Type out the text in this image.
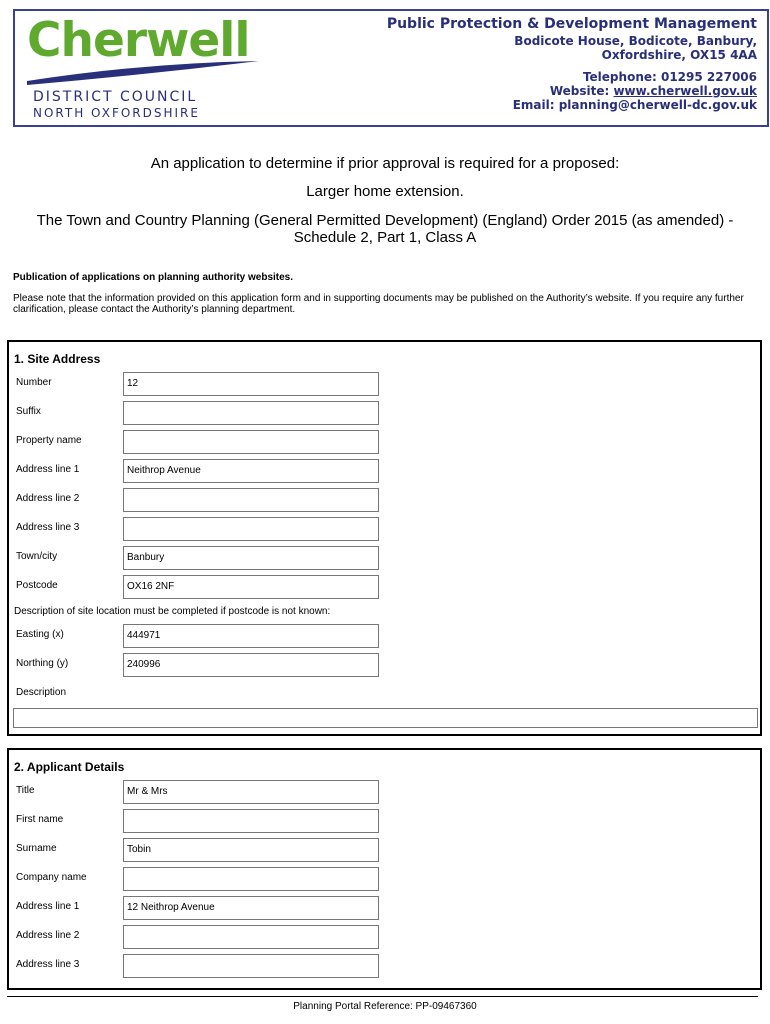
Cherwell
DISTRICT COUNCIL
NORTH OXFORDSHIRE
Public Protection & Development Management
Bodicote House, Bodicote, Banbury,
Oxfordshire, OX15 4AA
Telephone: 01295 227006
Website: www.cherwell.gov.uk
Email: planning@cherwell-dc.gov.uk
An application to determine if prior approval is required for a proposed:
Larger home extension.
The Town and Country Planning (General Permitted Development) (England) Order 2015 (as amended) - Schedule 2, Part 1, Class A
Publication of applications on planning authority websites.
Please note that the information provided on this application form and in supporting documents may be published on the Authority’s website. If you require any further clarification, please contact the Authority’s planning department.
1. Site Address
Number	12
Suffix
Property name
Address line 1	Neithrop Avenue
Address line 2
Address line 3
Town/city	Banbury
Postcode	OX16 2NF
Description of site location must be completed if postcode is not known:
Easting (x)	444971
Northing (y)	240996
Description
2. Applicant Details
Title	Mr & Mrs
First name
Surname	Tobin
Company name
Address line 1	12 Neithrop Avenue
Address line 2
Address line 3
Planning Portal Reference: PP-09467360
